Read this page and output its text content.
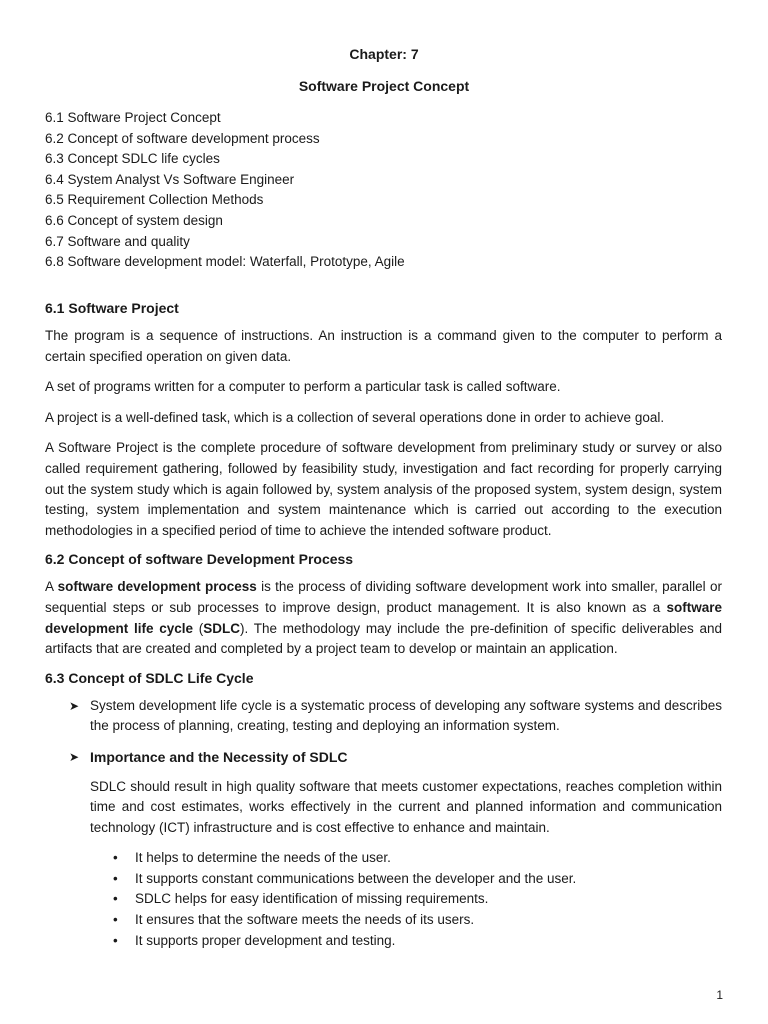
Chapter: 7
Software Project Concept
6.1 Software Project Concept
6.2 Concept of software development process
6.3 Concept SDLC life cycles
6.4 System Analyst Vs Software Engineer
6.5 Requirement Collection Methods
6.6 Concept of system design
6.7 Software and quality
6.8 Software development model: Waterfall, Prototype, Agile
6.1 Software Project

The program is a sequence of instructions. An instruction is a command given to the computer to perform a certain specified operation on given data.

A set of programs written for a computer to perform a particular task is called software.

A project is a well-defined task, which is a collection of several operations done in order to achieve goal.

A Software Project is the complete procedure of software development from preliminary study or survey or also called requirement gathering, followed by feasibility study, investigation and fact recording for properly carrying out the system study which is again followed by, system analysis of the proposed system, system design, system testing, system implementation and system maintenance which is carried out according to the execution methodologies in a specified period of time to achieve the intended software product.

6.2 Concept of software Development Process

A software development process is the process of dividing software development work into smaller, parallel or sequential steps or sub processes to improve design, product management. It is also known as a software development life cycle (SDLC). The methodology may include the pre-definition of specific deliverables and artifacts that are created and completed by a project team to develop or maintain an application.

6.3 Concept of SDLC Life Cycle
➤ System development life cycle is a systematic process of developing any software systems and describes the process of planning, creating, testing and deploying an information system.
➤ Importance and the Necessity of SDLC

SDLC should result in high quality software that meets customer expectations, reaches completion within time and cost estimates, works effectively in the current and planned information and communication technology (ICT) infrastructure and is cost effective to enhance and maintain.

• It helps to determine the needs of the user.
• It supports constant communications between the developer and the user.
• SDLC helps for easy identification of missing requirements.
• It ensures that the software meets the needs of its users.
• It supports proper development and testing.
1
